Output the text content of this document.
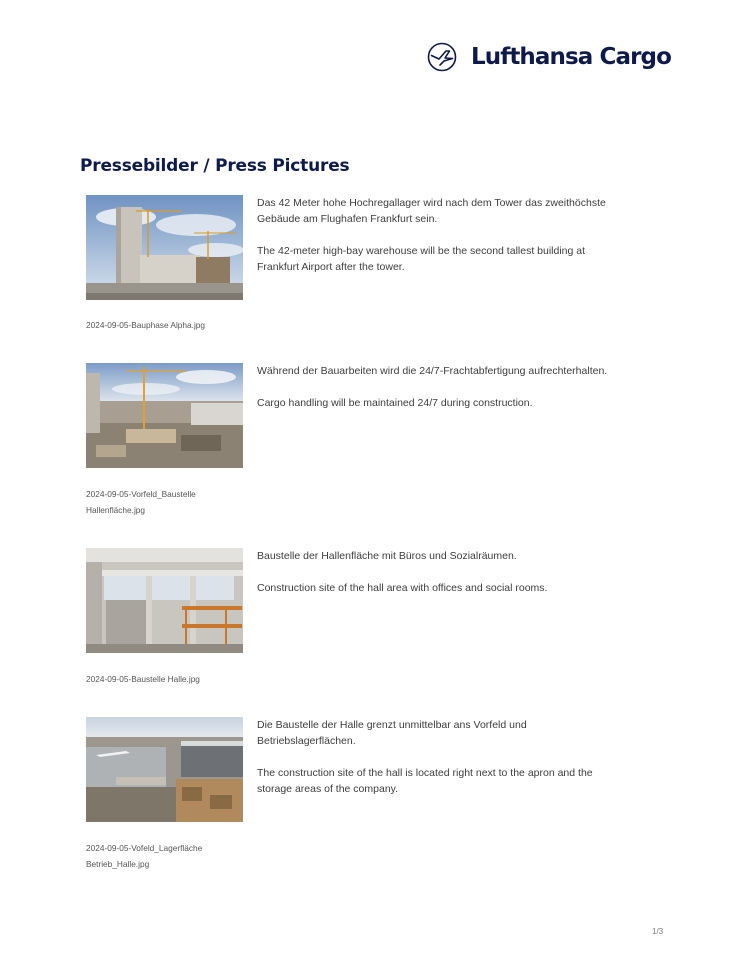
Lufthansa Cargo
Pressebilder / Press Pictures

Das 42 Meter hohe Hochregallager wird nach dem Tower das zweithöchste Gebäude am Flughafen Frankfurt sein.

The 42-meter high-bay warehouse will be the second tallest building at Frankfurt Airport after the tower.

2024-09-05-Bauphase Alpha.jpg

Während der Bauarbeiten wird die 24/7-Frachtabfertigung aufrechterhalten.

Cargo handling will be maintained 24/7 during construction.

2024-09-05-Vorfeld_Baustelle Hallenfläche.jpg

Baustelle der Hallenfläche mit Büros und Sozialräumen.

Construction site of the hall area with offices and social rooms.

2024-09-05-Baustelle Halle.jpg

Die Baustelle der Halle grenzt unmittelbar ans Vorfeld und Betriebslagerflächen.

The construction site of the hall is located right next to the apron and the storage areas of the company.

2024-09-05-Vofeld_Lagerfläche Betrieb_Halle.jpg
1/3
